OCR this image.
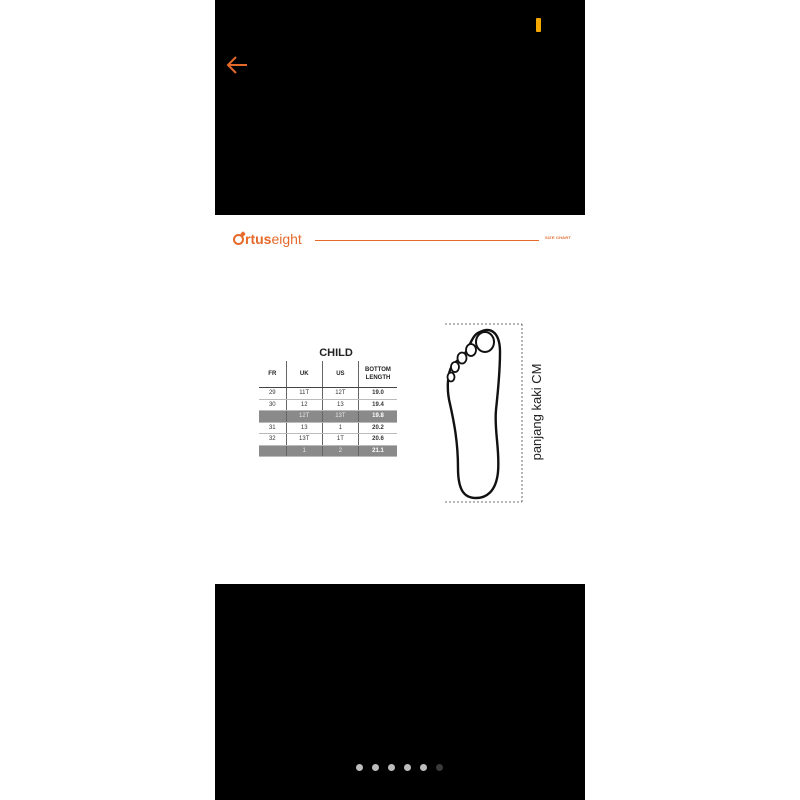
rtuseight	SIZE CHART
CHILD
FR	UK	US	BOTTOM
LENGTH
29	11T	12T	19.0
30	12	13	19.4
	12T	13T	19.8
31	13	1	20.2
32	13T	1T	20.6
	1	2	21.1	panjang kaki CM
